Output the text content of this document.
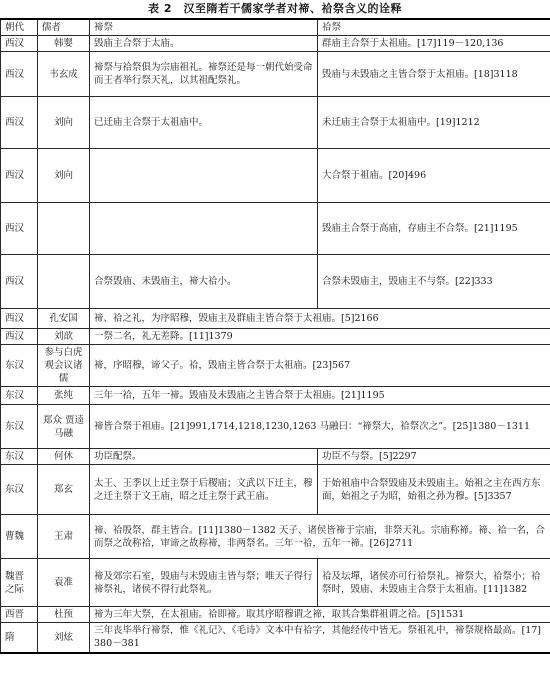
表 2　汉至隋若干儒家学者对禘、祫祭含义的诠释
朝代	儒者	禘祭	祫祭
西汉	韩婴	毁庙主合祭于太庙。	群庙主合祭于太祖庙。[17]119－120,136
西汉	韦玄成	禘祭与祫祭俱为宗庙祖礼。禘祭还是每一朝代始受命而王者举行祭天礼，以其祖配祭礼。	毁庙与未毁庙之主皆合祭于太祖庙。[18]3118
西汉	刘向	已迁庙主合祭于太祖庙中。	未迁庙主合祭于太祖庙中。[19]1212
西汉	刘向		大合祭于祖庙。[20]496
西汉			毁庙主合祭于高庙，存庙主不合祭。[21]1195
西汉		合祭毁庙、未毁庙主，禘大祫小。	合祭未毁庙主，毁庙主不与祭。[22]333
西汉	孔安国	禘、祫之礼，为序昭穆，毁庙主及群庙主皆合祭于太祖庙。[5]2166	
西汉	刘歆	一祭二名，礼无差降。[11]1379	
东汉	参与白虎观会议诸儒	禘，序昭穆，谛父子。祫，毁庙主皆合祭于太祖庙。[23]567	
东汉	张纯	三年一祫，五年一禘。毁庙及未毁庙之主皆合祭于太祖庙。[21]1195	
东汉	郑众 贾逵 马融	禘皆合祭于祖庙。[21]991,1714,1218,1230,1263 马融曰：“禘祭大，祫祭次之”。[25]1380－1311	
东汉	何休	功臣配祭。	功臣不与祭。[5]2297
东汉	郑玄	太王、王季以上迁主祭于后稷庙；文武以下迁主，穆之迁主祭于文王庙，昭之迁主祭于武王庙。	于始祖庙中合祭毁庙及未毁庙主。始祖之主在西方东面，始祖之子为昭，始祖之孙为穆。[5]3357
曹魏	王肃	禘、祫殷祭，群主皆合。[11]1380－1382 天子、诸侯皆禘于宗庙，非祭天礼。宗庙称禘。禘、祫一名，合而祭之故称祫，审谛之故称禘，非两祭名。三年一祫，五年一禘。[26]2711	
魏晋之际	袁准	禘及郊宗石室，毁庙与未毁庙主皆与祭；唯天子得行禘祭礼，诸侯不得行此祭礼。	祫及坛墠，诸侯亦可行祫祭礼。禘祭大，祫祭小；祫祭时，毁庙、未毁庙主合祭于太祖庙。[11]1382
西晋	杜预	禘为三年大祭，在太祖庙。祫即禘。取其序昭穆谓之禘，取其合集群祖谓之祫。[5]1531	
隋	刘炫	三年丧毕举行禘祭，惟《礼记》、《毛诗》文本中有祫字，其他经传中皆无。祭祖礼中，禘祭规格最高。[17]380－381	
